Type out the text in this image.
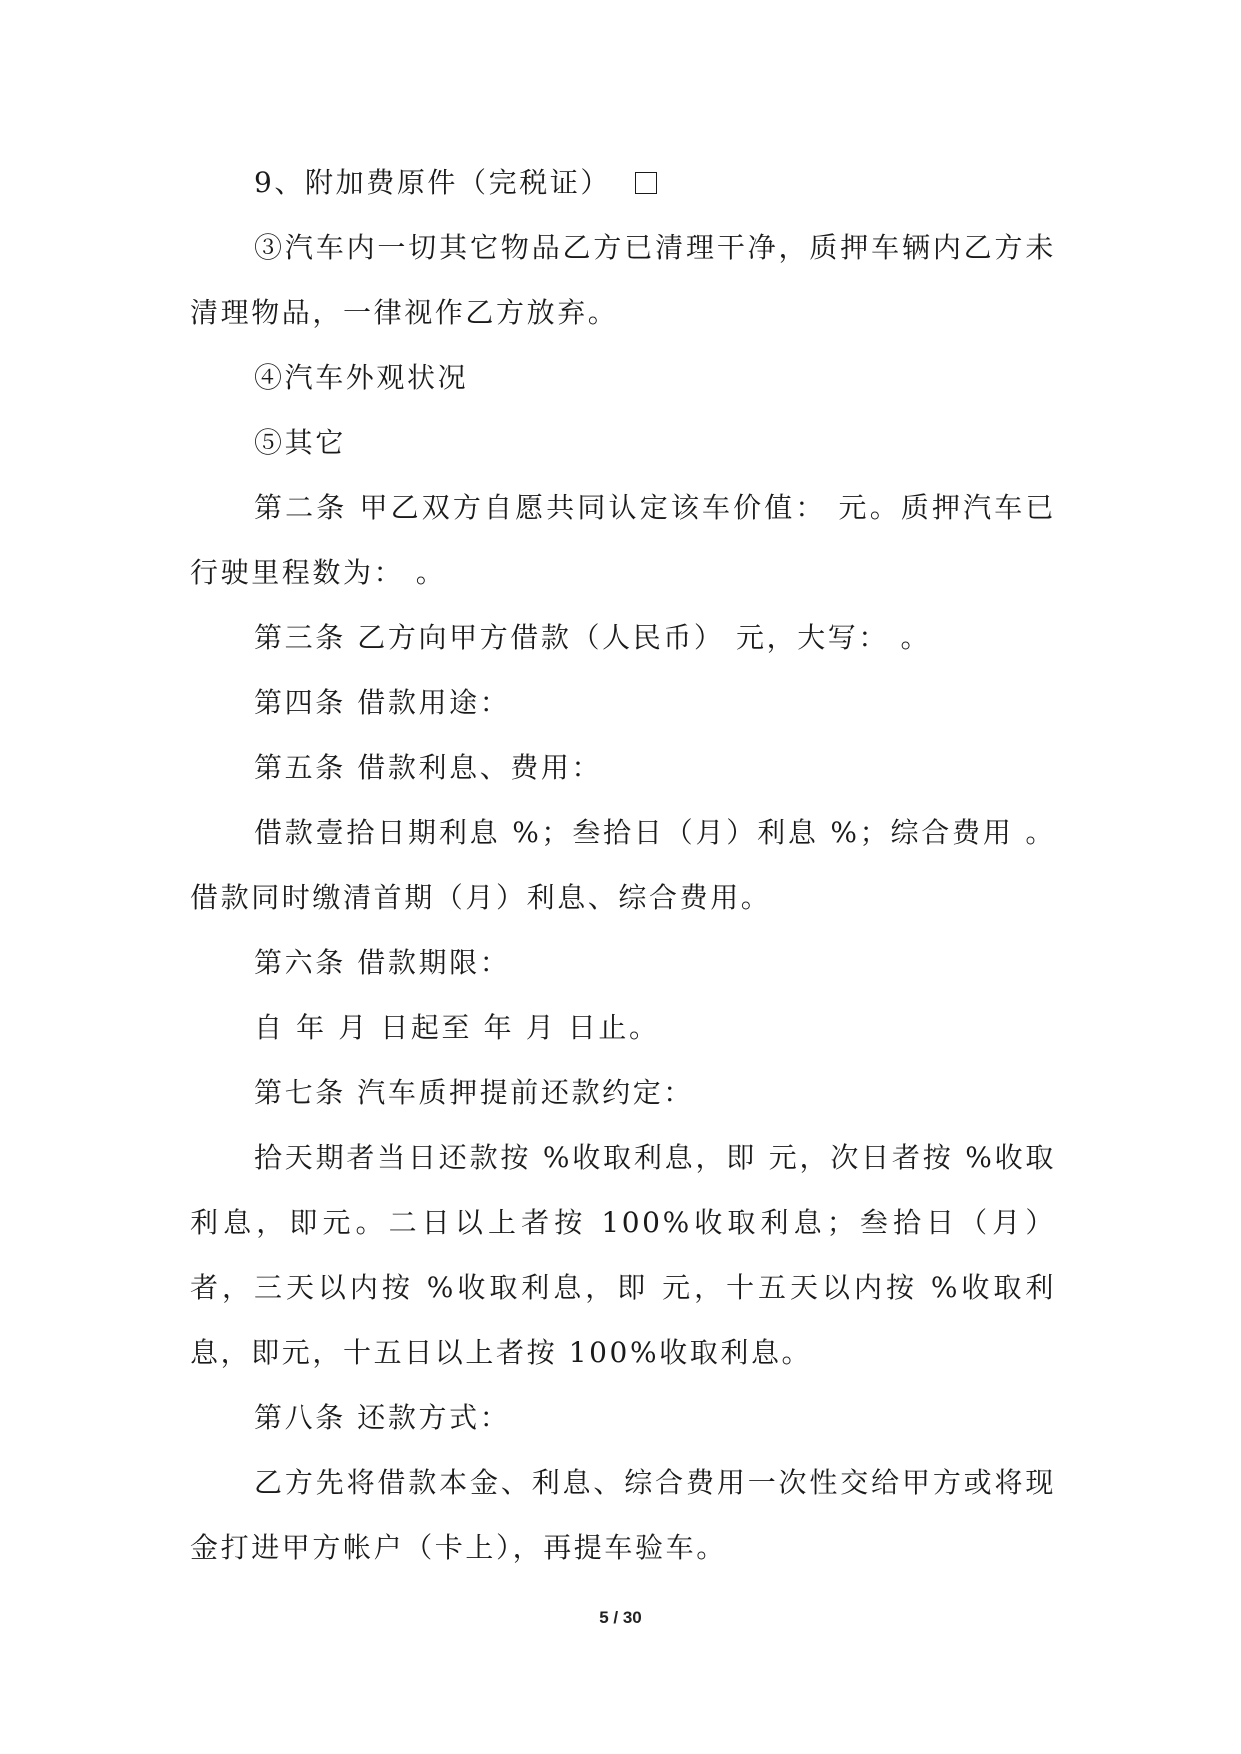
9、附加费原件（完税证）

③汽车内一切其它物品乙方已清理干净，质押车辆内乙方未清理物品，一律视作乙方放弃。

④汽车外观状况

⑤其它

第二条 甲乙双方自愿共同认定该车价值： 元。质押汽车已行驶里程数为： 。

第三条 乙方向甲方借款（人民币） 元，大写： 。

第四条 借款用途：

第五条 借款利息、费用：

借款壹拾日期利息 %；叁拾日（月）利息 %；综合费用 。借款同时缴清首期（月）利息、综合费用。

第六条 借款期限：

自 年 月 日起至 年 月 日止。

第七条 汽车质押提前还款约定：

拾天期者当日还款按 %收取利息，即 元，次日者按 %收取利息，即元。二日以上者按 100%收取利息；叁拾日（月）者，三天以内按 %收取利息，即 元，十五天以内按 %收取利息，即元，十五日以上者按 100%收取利息。

第八条 还款方式：

乙方先将借款本金、利息、综合费用一次性交给甲方或将现金打进甲方帐户（卡上），再提车验车。

5 / 30
